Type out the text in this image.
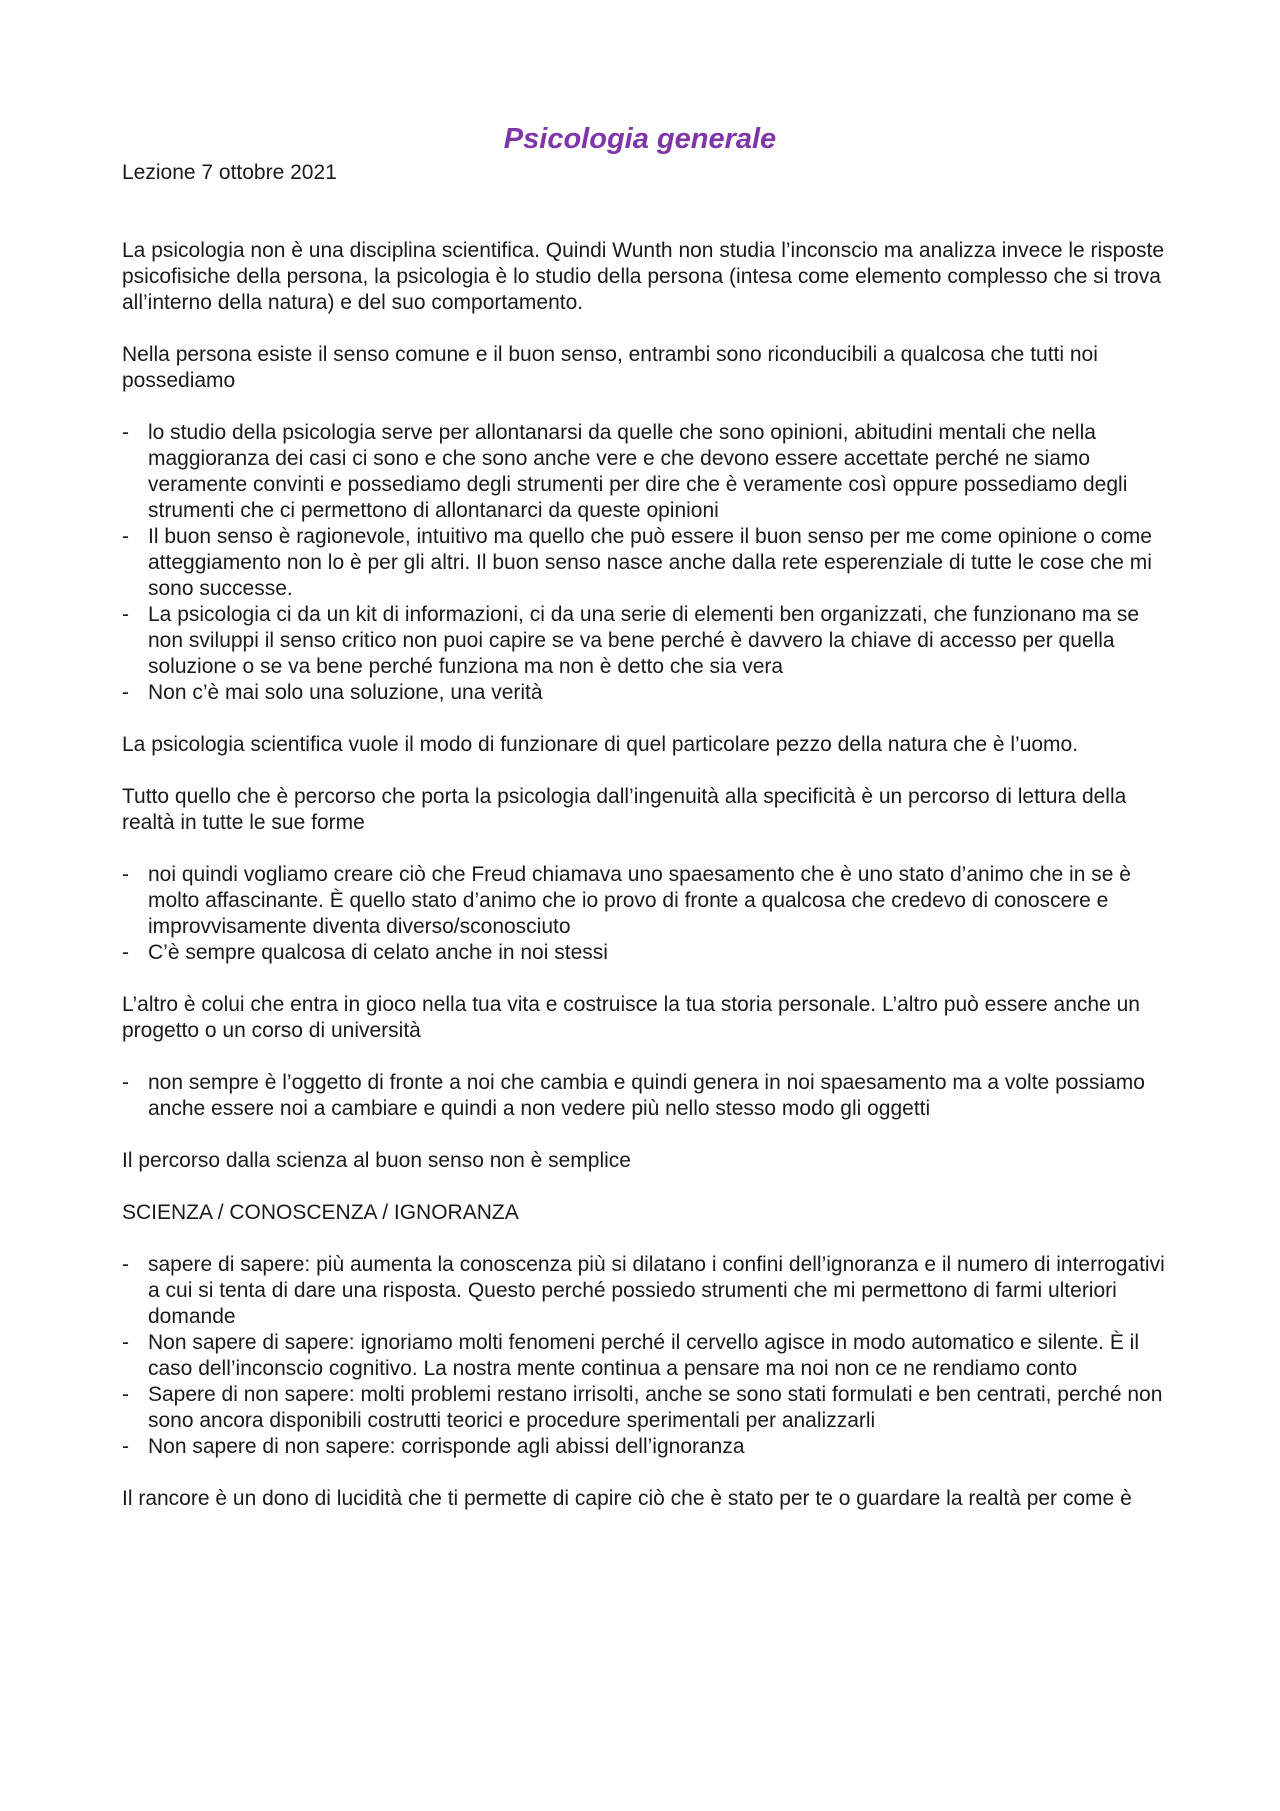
Psicologia generale

Lezione 7 ottobre 2021

La psicologia non è una disciplina scientifica. Quindi Wunth non studia l’inconscio ma analizza invece le risposte psicofisiche della persona, la psicologia è lo studio della persona (intesa come elemento complesso che si trova all’interno della natura) e del suo comportamento.

Nella persona esiste il senso comune e il buon senso, entrambi sono riconducibili a qualcosa che tutti noi possediamo

- lo studio della psicologia serve per allontanarsi da quelle che sono opinioni, abitudini mentali che nella maggioranza dei casi ci sono e che sono anche vere e che devono essere accettate perché ne siamo veramente convinti e possediamo degli strumenti per dire che è veramente così oppure possediamo degli strumenti che ci permettono di allontanarci da queste opinioni
- Il buon senso è ragionevole, intuitivo ma quello che può essere il buon senso per me come opinione o come atteggiamento non lo è per gli altri. Il buon senso nasce anche dalla rete esperenziale di tutte le cose che mi sono successe.
- La psicologia ci da un kit di informazioni, ci da una serie di elementi ben organizzati, che funzionano ma se non sviluppi il senso critico non puoi capire se va bene perché è davvero la chiave di accesso per quella soluzione o se va bene perché funziona ma non è detto che sia vera
- Non c’è mai solo una soluzione, una verità

La psicologia scientifica vuole il modo di funzionare di quel particolare pezzo della natura che è l’uomo.

Tutto quello che è percorso che porta la psicologia dall’ingenuità alla specificità è un percorso di lettura della realtà in tutte le sue forme

- noi quindi vogliamo creare ciò che Freud chiamava uno spaesamento che è uno stato d’animo che in se è molto affascinante. È quello stato d’animo che io provo di fronte a qualcosa che credevo di conoscere e improvvisamente diventa diverso/sconosciuto
- C’è sempre qualcosa di celato anche in noi stessi

L’altro è colui che entra in gioco nella tua vita e costruisce la tua storia personale. L’altro può essere anche un progetto o un corso di università

- non sempre è l’oggetto di fronte a noi che cambia e quindi genera in noi spaesamento ma a volte possiamo anche essere noi a cambiare e quindi a non vedere più nello stesso modo gli oggetti

Il percorso dalla scienza al buon senso non è semplice

SCIENZA / CONOSCENZA / IGNORANZA

- sapere di sapere: più aumenta la conoscenza più si dilatano i confini dell’ignoranza e il numero di interrogativi a cui si tenta di dare una risposta. Questo perché possiedo strumenti che mi permettono di farmi ulteriori domande
- Non sapere di sapere: ignoriamo molti fenomeni perché il cervello agisce in modo automatico e silente. È il caso dell’inconscio cognitivo. La nostra mente continua a pensare ma noi non ce ne rendiamo conto
- Sapere di non sapere: molti problemi restano irrisolti, anche se sono stati formulati e ben centrati, perché non sono ancora disponibili costrutti teorici e procedure sperimentali per analizzarli
- Non sapere di non sapere: corrisponde agli abissi dell’ignoranza

Il rancore è un dono di lucidità che ti permette di capire ciò che è stato per te o guardare la realtà per come è
